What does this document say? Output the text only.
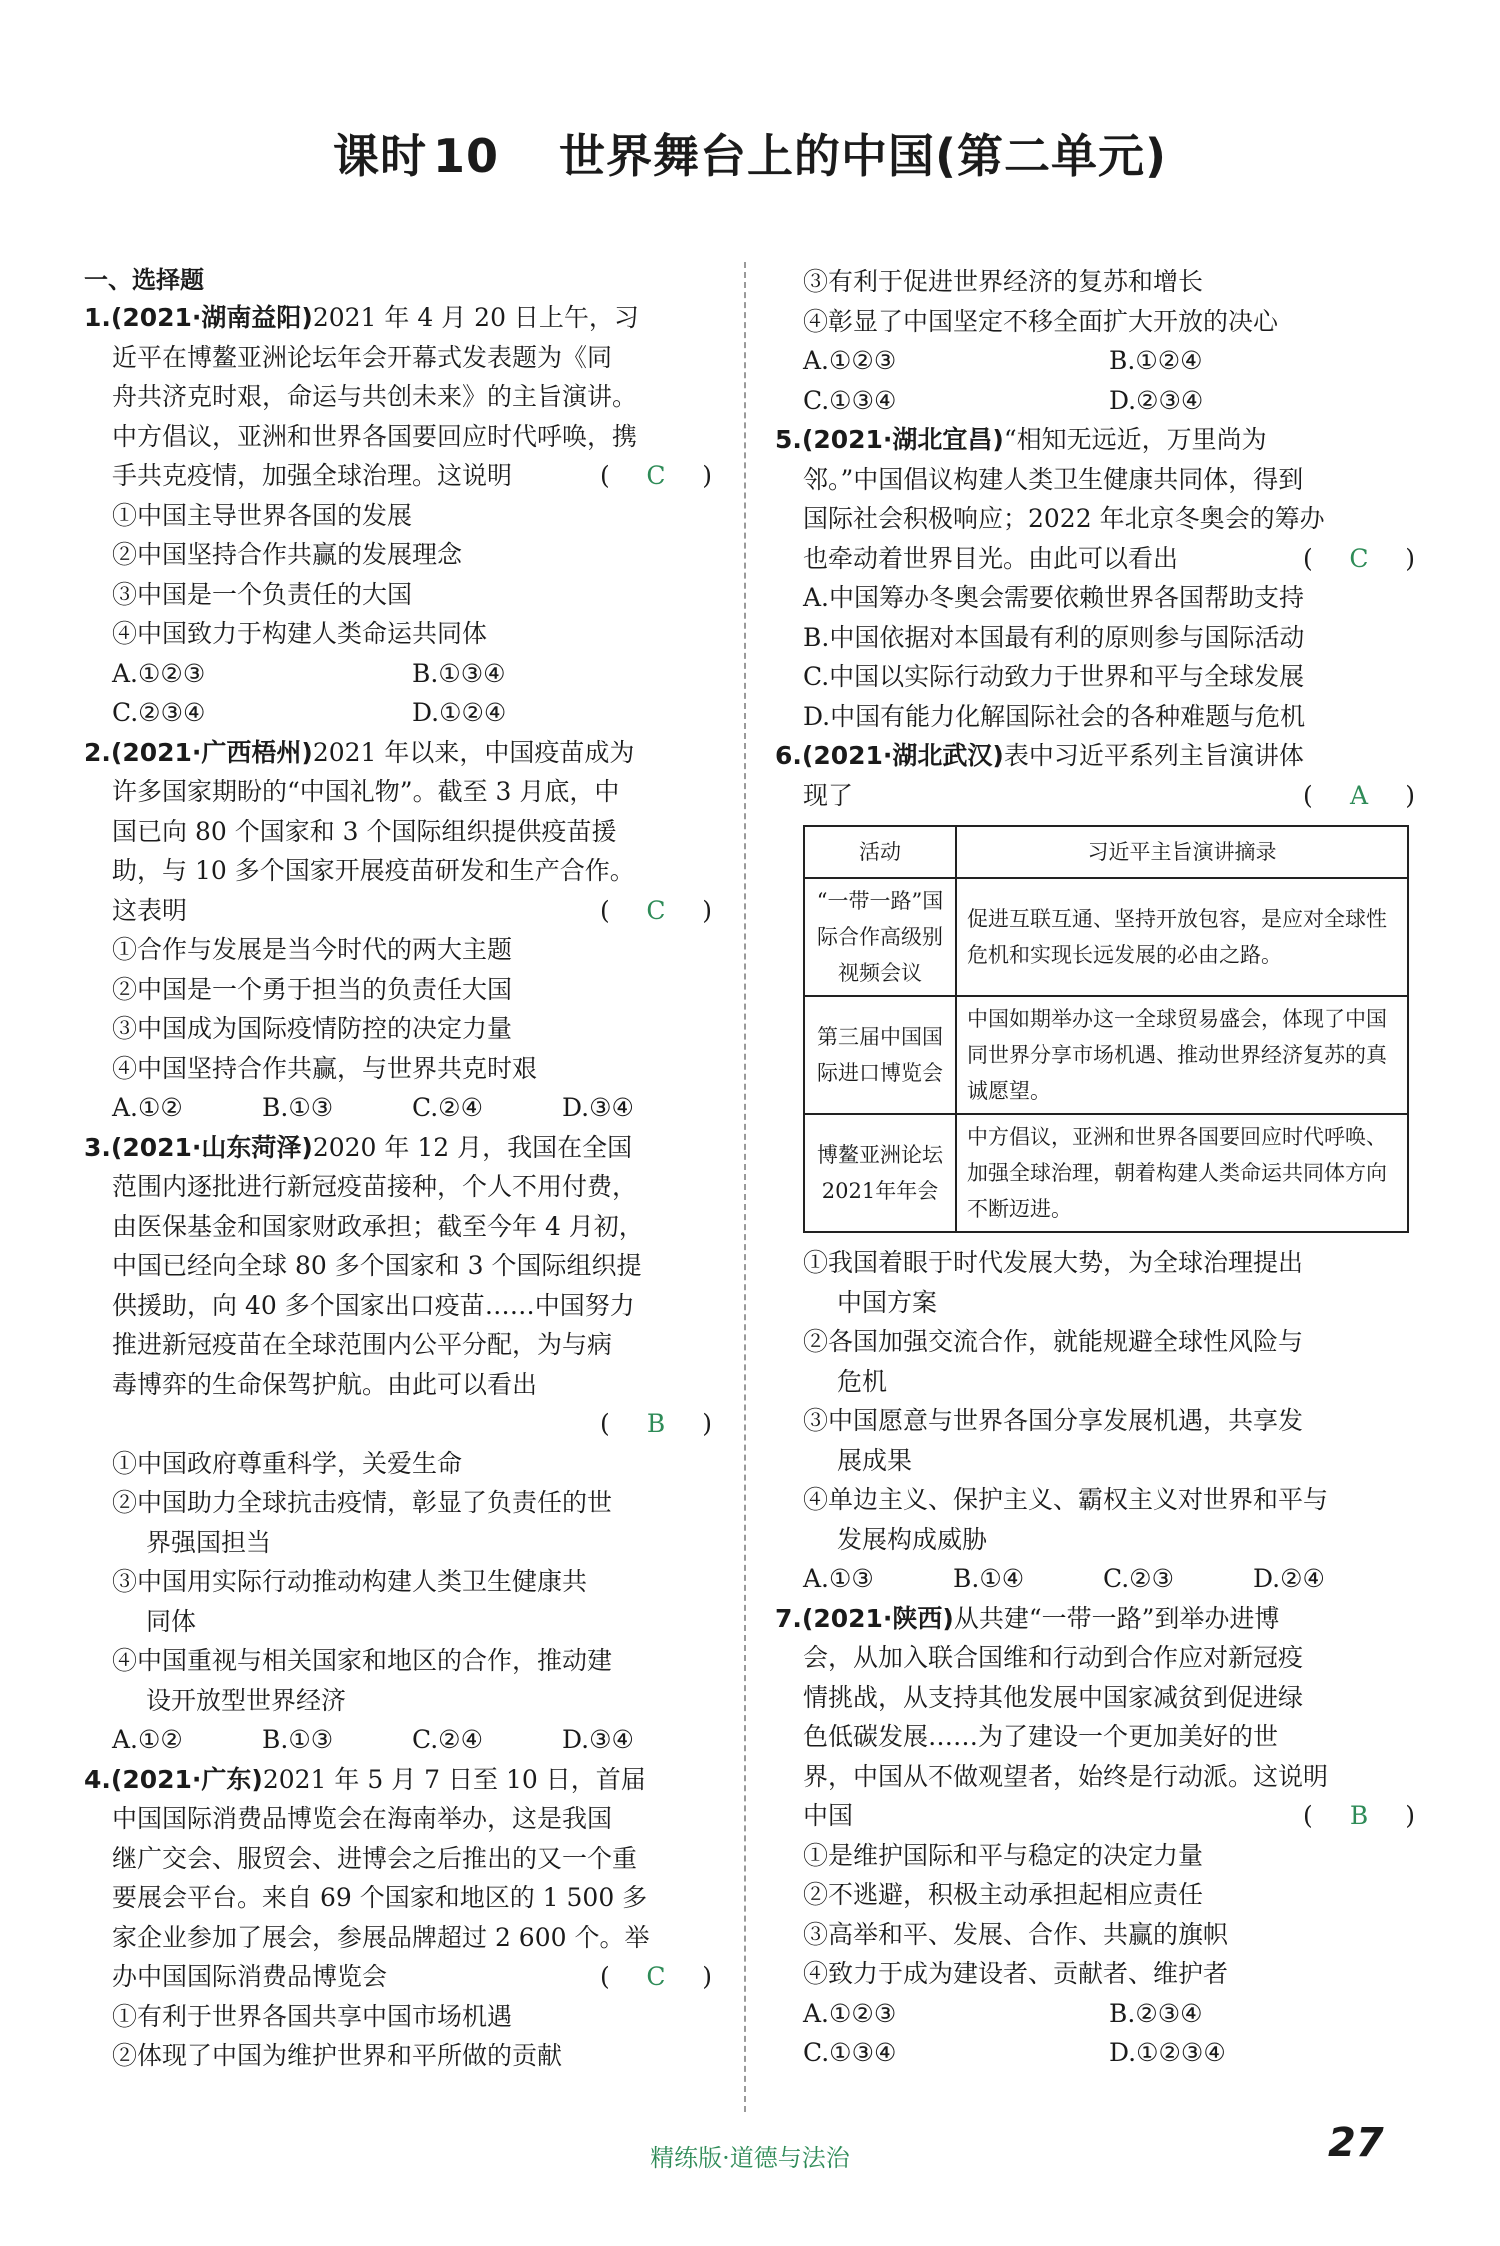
课时 10 世界舞台上的中国(第二单元)
一、选择题
1.(2021·湖南益阳)2021 年 4 月 20 日上午，习
近平在博鳌亚洲论坛年会开幕式发表题为《同
舟共济克时艰，命运与共创未来》的主旨演讲。
中方倡议，亚洲和世界各国要回应时代呼唤，携
手共克疫情，加强全球治理。这说明	( C )
①中国主导世界各国的发展
②中国坚持合作共赢的发展理念
③中国是一个负责任的大国
④中国致力于构建人类命运共同体
A.①②③	B.①③④
C.②③④	D.①②④
2.(2021·广西梧州)2021 年以来，中国疫苗成为
许多国家期盼的“中国礼物”。截至 3 月底，中
国已向 80 个国家和 3 个国际组织提供疫苗援
助，与 10 多个国家开展疫苗研发和生产合作。
这表明	( C )
①合作与发展是当今时代的两大主题
②中国是一个勇于担当的负责任大国
③中国成为国际疫情防控的决定力量
④中国坚持合作共赢，与世界共克时艰
A.①②	B.①③	C.②④	D.③④
3.(2021·山东菏泽)2020 年 12 月，我国在全国
范围内逐批进行新冠疫苗接种，个人不用付费，
由医保基金和国家财政承担；截至今年 4 月初，
中国已经向全球 80 多个国家和 3 个国际组织提
供援助，向 40 多个国家出口疫苗……中国努力
推进新冠疫苗在全球范围内公平分配，为与病
毒博弈的生命保驾护航。由此可以看出
( B )
①中国政府尊重科学，关爱生命
②中国助力全球抗击疫情，彰显了负责任的世
界强国担当
③中国用实际行动推动构建人类卫生健康共
同体
④中国重视与相关国家和地区的合作，推动建
设开放型世界经济
A.①②	B.①③	C.②④	D.③④
4.(2021·广东)2021 年 5 月 7 日至 10 日，首届
中国国际消费品博览会在海南举办，这是我国
继广交会、服贸会、进博会之后推出的又一个重
要展会平台。来自 69 个国家和地区的 1 500 多
家企业参加了展会，参展品牌超过 2 600 个。举
办中国国际消费品博览会	( C )
①有利于世界各国共享中国市场机遇
②体现了中国为维护世界和平所做的贡献
③有利于促进世界经济的复苏和增长
④彰显了中国坚定不移全面扩大开放的决心
A.①②③	B.①②④
C.①③④	D.②③④
5.(2021·湖北宜昌)“相知无远近，万里尚为
邻。”中国倡议构建人类卫生健康共同体，得到
国际社会积极响应；2022 年北京冬奥会的筹办
也牵动着世界目光。由此可以看出	( C )
A.中国筹办冬奥会需要依赖世界各国帮助支持
B.中国依据对本国最有利的原则参与国际活动
C.中国以实际行动致力于世界和平与全球发展
D.中国有能力化解国际社会的各种难题与危机
6.(2021·湖北武汉)表中习近平系列主旨演讲体
现了	( A )
活动	习近平主旨演讲摘录
“一带一路”国际合作高级别视频会议	促进互联互通、坚持开放包容，是应对全球性危机和实现长远发展的必由之路。
第三届中国国际进口博览会	中国如期举办这一全球贸易盛会，体现了中国同世界分享市场机遇、推动世界经济复苏的真诚愿望。
博鳌亚洲论坛2021年年会	中方倡议，亚洲和世界各国要回应时代呼唤、加强全球治理，朝着构建人类命运共同体方向不断迈进。
①我国着眼于时代发展大势，为全球治理提出
中国方案
②各国加强交流合作，就能规避全球性风险与
危机
③中国愿意与世界各国分享发展机遇，共享发
展成果
④单边主义、保护主义、霸权主义对世界和平与
发展构成威胁
A.①③	B.①④	C.②③	D.②④
7.(2021·陕西)从共建“一带一路”到举办进博
会，从加入联合国维和行动到合作应对新冠疫
情挑战，从支持其他发展中国家减贫到促进绿
色低碳发展……为了建设一个更加美好的世
界，中国从不做观望者，始终是行动派。这说明
中国	( B )
①是维护国际和平与稳定的决定力量
②不逃避，积极主动承担起相应责任
③高举和平、发展、合作、共赢的旗帜
④致力于成为建设者、贡献者、维护者
A.①②③	B.②③④
C.①③④	D.①②③④
精练版·道德与法治	27
